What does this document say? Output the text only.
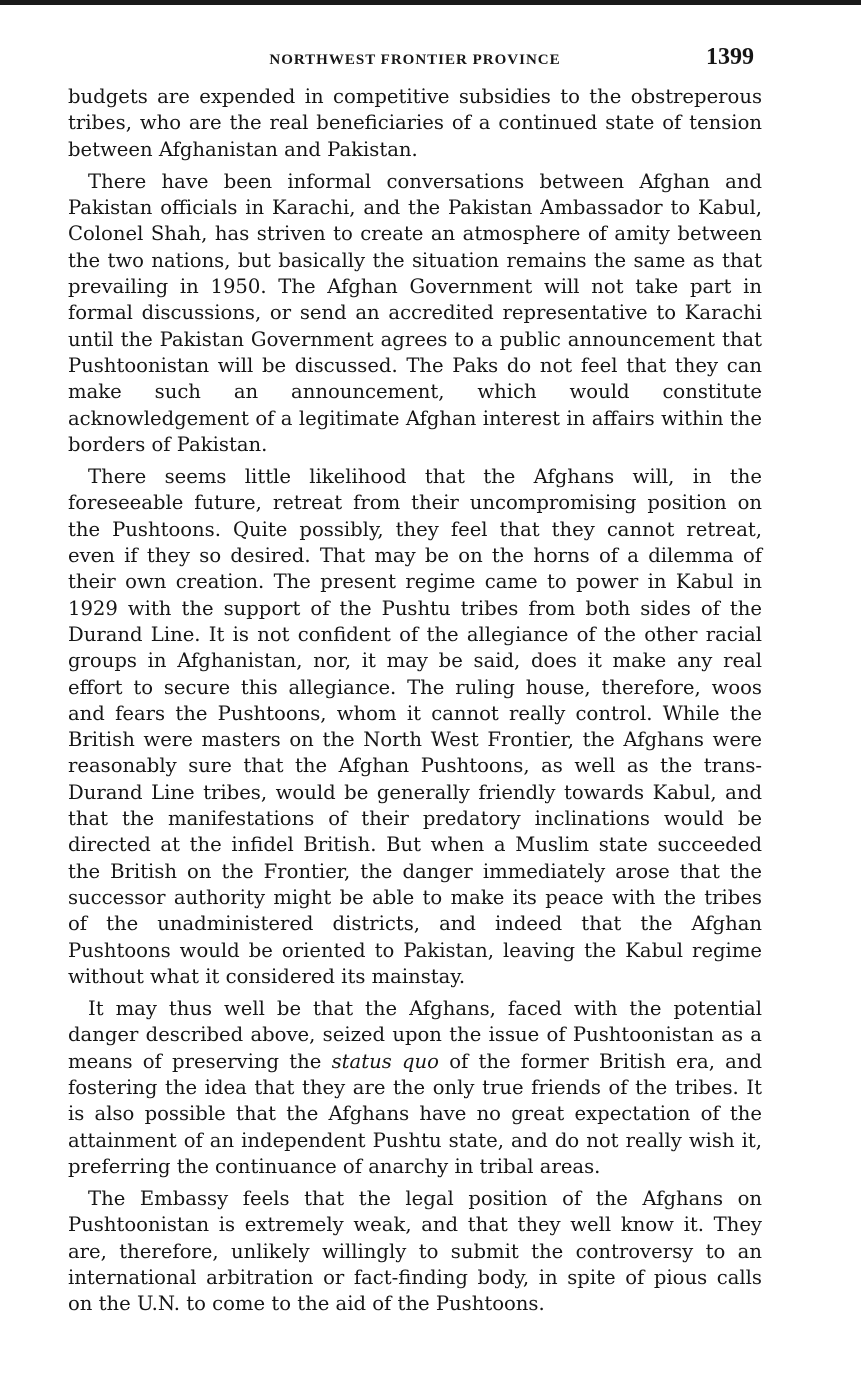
NORTHWEST FRONTIER PROVINCE	1399

budgets are expended in competitive subsidies to the obstreperous tribes, who are the real beneficiaries of a continued state of tension between Afghanistan and Pakistan.

There have been informal conversations between Afghan and Pakistan officials in Karachi, and the Pakistan Ambassador to Kabul, Colonel Shah, has striven to create an atmosphere of amity between the two nations, but basically the situation remains the same as that prevailing in 1950. The Afghan Government will not take part in formal discussions, or send an accredited representative to Karachi until the Pakistan Government agrees to a public announcement that Pushtoonistan will be discussed. The Paks do not feel that they can make such an announcement, which would constitute acknowledgement of a legitimate Afghan interest in affairs within the borders of Pakistan.

There seems little likelihood that the Afghans will, in the foreseeable future, retreat from their uncompromising position on the Pushtoons. Quite possibly, they feel that they cannot retreat, even if they so desired. That may be on the horns of a dilemma of their own creation. The present regime came to power in Kabul in 1929 with the support of the Pushtu tribes from both sides of the Durand Line. It is not confident of the allegiance of the other racial groups in Afghanistan, nor, it may be said, does it make any real effort to secure this allegiance. The ruling house, therefore, woos and fears the Pushtoons, whom it cannot really control. While the British were masters on the North West Frontier, the Afghans were reasonably sure that the Afghan Pushtoons, as well as the trans-Durand Line tribes, would be generally friendly towards Kabul, and that the manifestations of their predatory inclinations would be directed at the infidel British. But when a Muslim state succeeded the British on the Frontier, the danger immediately arose that the successor authority might be able to make its peace with the tribes of the unadministered districts, and indeed that the Afghan Pushtoons would be oriented to Pakistan, leaving the Kabul regime without what it considered its mainstay.

It may thus well be that the Afghans, faced with the potential danger described above, seized upon the issue of Pushtoonistan as a means of preserving the status quo of the former British era, and fostering the idea that they are the only true friends of the tribes. It is also possible that the Afghans have no great expectation of the attainment of an independent Pushtu state, and do not really wish it, preferring the continuance of anarchy in tribal areas.

The Embassy feels that the legal position of the Afghans on Pushtoonistan is extremely weak, and that they well know it. They are, therefore, unlikely willingly to submit the controversy to an international arbitration or fact-finding body, in spite of pious calls on the U.N. to come to the aid of the Pushtoons.
